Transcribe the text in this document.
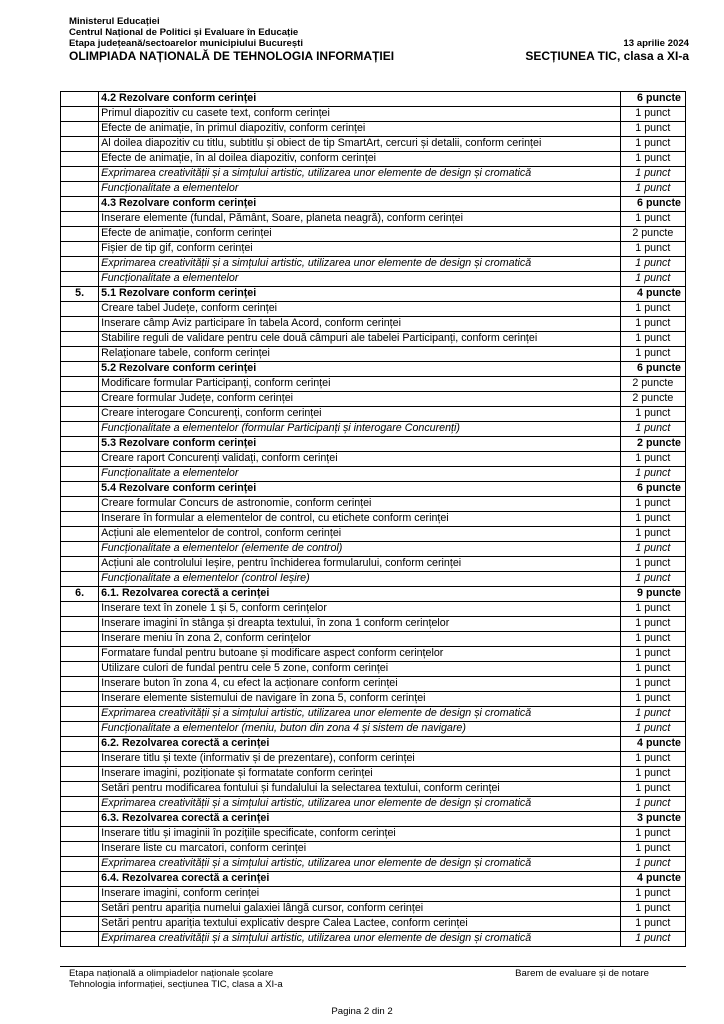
Ministerul Educației
Centrul Național de Politici și Evaluare în Educație
Etapa județeană/sectoarelor municipiului București	13 aprilie 2024
OLIMPIADA NAȚIONALĂ DE TEHNOLOGIA INFORMAȚIEI	SECȚIUNEA TIC, clasa a XI-a
	4.2 Rezolvare conform cerinței	6 puncte
	Primul diapozitiv cu casete text, conform cerinței	1 punct
	Efecte de animație, în primul diapozitiv, conform cerinței	1 punct
	Al doilea diapozitiv cu titlu, subtitlu și obiect de tip SmartArt, cercuri și detalii, conform cerinței	1 punct
	Efecte de animație, în al doilea diapozitiv, conform cerinței	1 punct
	Exprimarea creativității și a simțului artistic, utilizarea unor elemente de design și cromatică	1 punct
	Funcționalitate a elementelor	1 punct
	4.3 Rezolvare conform cerinței	6 puncte
	Inserare elemente (fundal, Pământ, Soare, planeta neagră), conform cerinței	1 punct
	Efecte de animație, conform cerinței	2 puncte
	Fișier de tip gif, conform cerinței	1 punct
	Exprimarea creativității și a simțului artistic, utilizarea unor elemente de design și cromatică	1 punct
	Funcționalitate a elementelor	1 punct
5.	5.1 Rezolvare conform cerinței	4 puncte
	Creare tabel Județe, conform cerinței	1 punct
	Inserare câmp Aviz participare în tabela Acord, conform cerinței	1 punct
	Stabilire reguli de validare pentru cele două câmpuri ale tabelei Participanți, conform cerinței	1 punct
	Relaționare tabele, conform cerinței	1 punct
	5.2 Rezolvare conform cerinței	6 puncte
	Modificare formular Participanți, conform cerinței	2 puncte
	Creare formular Județe, conform cerinței	2 puncte
	Creare interogare Concurenți, conform cerinței	1 punct
	Funcționalitate a elementelor (formular Participanți și interogare Concurenți)	1 punct
	5.3 Rezolvare conform cerinței	2 puncte
	Creare raport Concurenți validați, conform cerinței	1 punct
	Funcționalitate a elementelor	1 punct
	5.4 Rezolvare conform cerinței	6 puncte
	Creare formular Concurs de astronomie, conform cerinței	1 punct
	Inserare în formular a elementelor de control, cu etichete conform cerinței	1 punct
	Acțiuni ale elementelor de control, conform cerinței	1 punct
	Funcționalitate a elementelor (elemente de control)	1 punct
	Acțiuni ale controlului Ieșire, pentru închiderea formularului, conform cerinței	1 punct
	Funcționalitate a elementelor (control Ieșire)	1 punct
6.	6.1. Rezolvarea corectă a cerinței	9 puncte
	Inserare text în zonele 1 și 5, conform cerințelor	1 punct
	Inserare imagini în stânga și dreapta textului, în zona 1 conform cerințelor	1 punct
	Inserare meniu în zona 2, conform cerințelor	1 punct
	Formatare fundal pentru butoane și modificare aspect conform cerințelor	1 punct
	Utilizare culori de fundal pentru cele 5 zone, conform cerinței	1 punct
	Inserare buton în zona 4, cu efect la acționare conform cerinței	1 punct
	Inserare elemente sistemului de navigare în zona 5, conform cerinței	1 punct
	Exprimarea creativității și a simțului artistic, utilizarea unor elemente de design și cromatică	1 punct
	Funcționalitate a elementelor (meniu, buton din zona 4 și sistem de navigare)	1 punct
	6.2. Rezolvarea corectă a cerinței	4 puncte
	Inserare titlu și texte (informativ și de prezentare), conform cerinței	1 punct
	Inserare imagini, poziționate și formatate conform cerinței	1 punct
	Setări pentru modificarea fontului și fundalului la selectarea textului, conform cerinței	1 punct
	Exprimarea creativității și a simțului artistic, utilizarea unor elemente de design și cromatică	1 punct
	6.3. Rezolvarea corectă a cerinței	3 puncte
	Inserare titlu și imaginii în pozițiile specificate, conform cerinței	1 punct
	Inserare liste cu marcatori, conform cerinței	1 punct
	Exprimarea creativității și a simțului artistic, utilizarea unor elemente de design și cromatică	1 punct
	6.4. Rezolvarea corectă a cerinței	4 puncte
	Inserare imagini, conform cerinței	1 punct
	Setări pentru apariția numelui galaxiei lângă cursor, conform cerinței	1 punct
	Setări pentru apariția textului explicativ despre Calea Lactee, conform cerinței	1 punct
	Exprimarea creativității și a simțului artistic, utilizarea unor elemente de design și cromatică	1 punct
Etapa națională a olimpiadelor naționale școlare	Barem de evaluare și de notare
Tehnologia informației, secțiunea TIC, clasa a XI-a
Pagina 2 din 2
